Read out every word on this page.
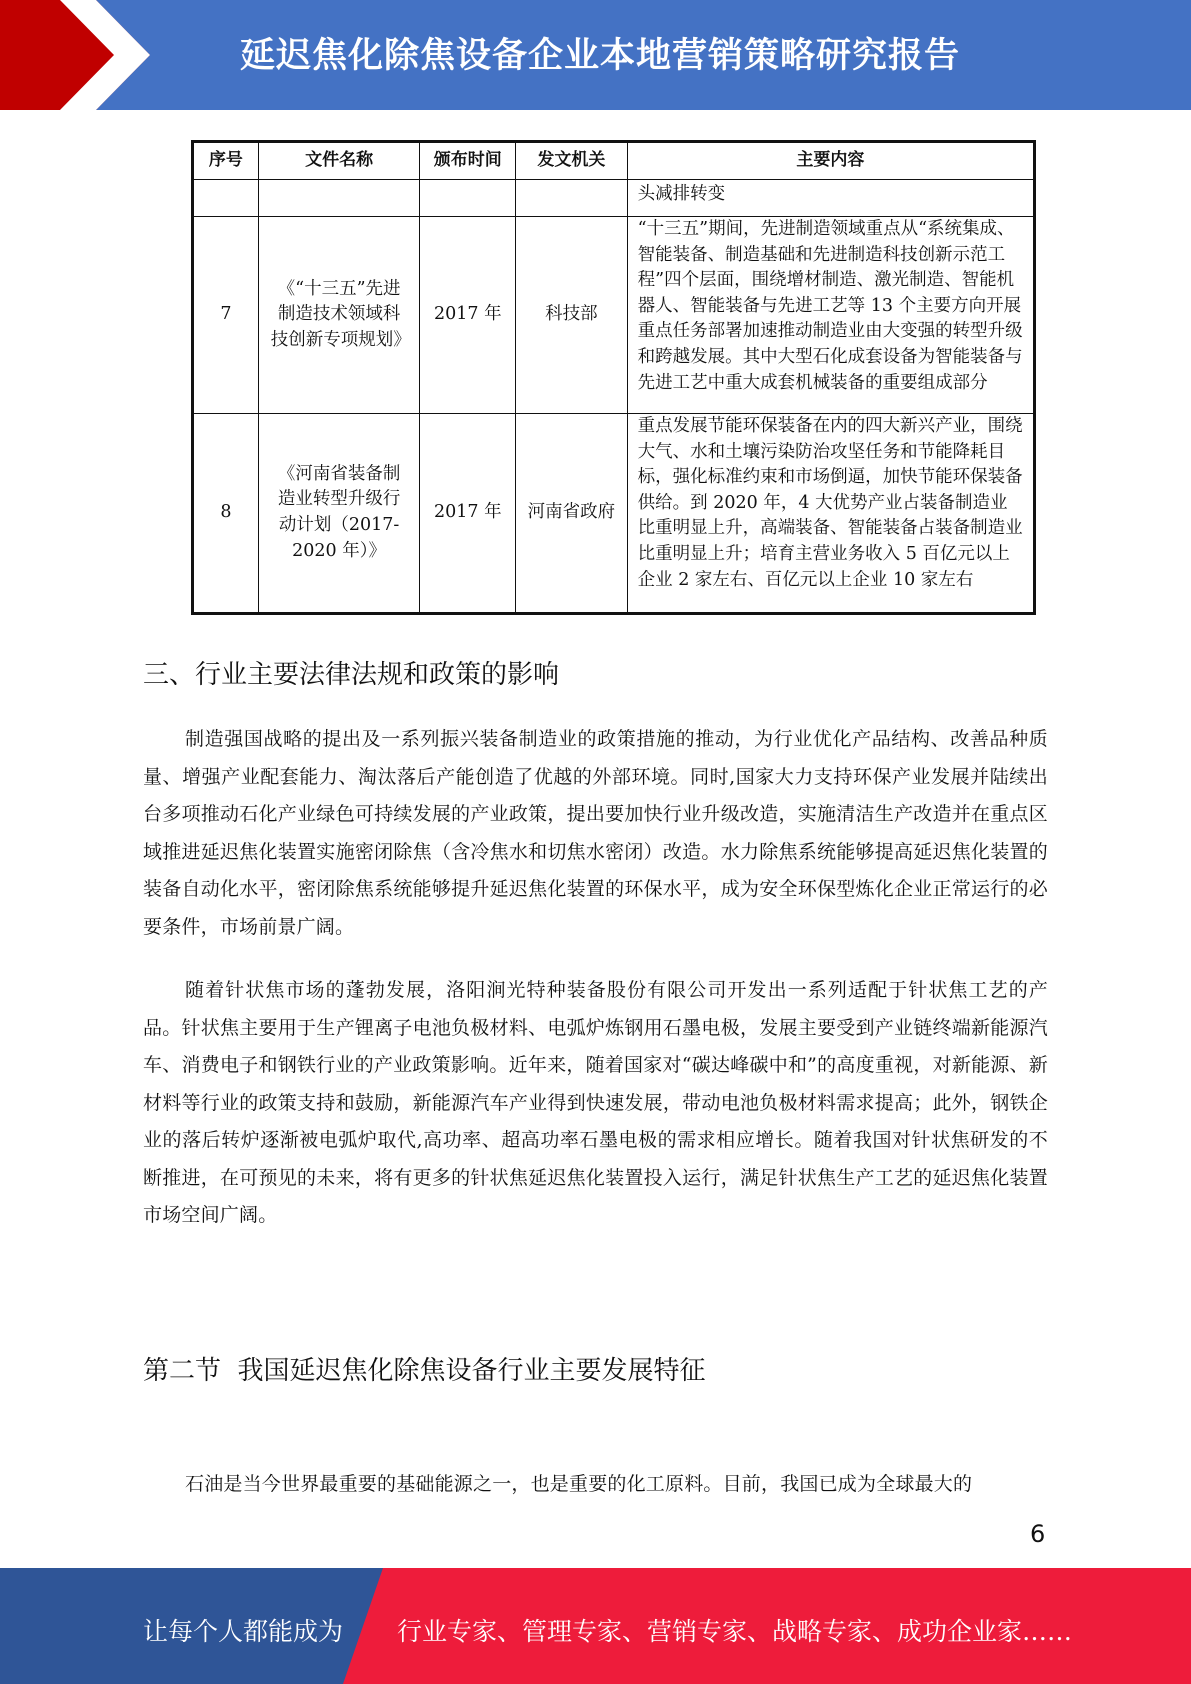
延迟焦化除焦设备企业本地营销策略研究报告
序号	文件名称	颁布时间	发文机关	主要内容
				头减排转变
7	《“十三五”先进制造技术领域科技创新专项规划》	2017 年	科技部	“十三五”期间，先进制造领域重点从“系统集成、智能装备、制造基础和先进制造科技创新示范工程”四个层面，围绕增材制造、激光制造、智能机器人、智能装备与先进工艺等 13 个主要方向开展重点任务部署加速推动制造业由大变强的转型升级和跨越发展。其中大型石化成套设备为智能装备与先进工艺中重大成套机械装备的重要组成部分
8	《河南省装备制造业转型升级行动计划（2017-2020 年）》	2017 年	河南省政府	重点发展节能环保装备在内的四大新兴产业，围绕大气、水和土壤污染防治攻坚任务和节能降耗目标，强化标准约束和市场倒逼，加快节能环保装备供给。到 2020 年，4 大优势产业占装备制造业比重明显上升，高端装备、智能装备占装备制造业比重明显上升；培育主营业务收入 5 百亿元以上企业 2 家左右、百亿元以上企业 10 家左右
三、行业主要法律法规和政策的影响

制造强国战略的提出及一系列振兴装备制造业的政策措施的推动，为行业优化产品结构、改善品种质量、增强产业配套能力、淘汰落后产能创造了优越的外部环境。同时,国家大力支持环保产业发展并陆续出台多项推动石化产业绿色可持续发展的产业政策，提出要加快行业升级改造，实施清洁生产改造并在重点区域推进延迟焦化装置实施密闭除焦（含冷焦水和切焦水密闭）改造。水力除焦系统能够提高延迟焦化装置的装备自动化水平，密闭除焦系统能够提升延迟焦化装置的环保水平，成为安全环保型炼化企业正常运行的必要条件，市场前景广阔。

随着针状焦市场的蓬勃发展，洛阳涧光特种装备股份有限公司开发出一系列适配于针状焦工艺的产品。针状焦主要用于生产锂离子电池负极材料、电弧炉炼钢用石墨电极，发展主要受到产业链终端新能源汽车、消费电子和钢铁行业的产业政策影响。近年来，随着国家对“碳达峰碳中和”的高度重视，对新能源、新材料等行业的政策支持和鼓励，新能源汽车产业得到快速发展，带动电池负极材料需求提高；此外，钢铁企业的落后转炉逐渐被电弧炉取代,高功率、超高功率石墨电极的需求相应增长。随着我国对针状焦研发的不断推进，在可预见的未来，将有更多的针状焦延迟焦化装置投入运行，满足针状焦生产工艺的延迟焦化装置市场空间广阔。

第二节  我国延迟焦化除焦设备行业主要发展特征

石油是当今世界最重要的基础能源之一，也是重要的化工原料。目前，我国已成为全球最大的

6
让每个人都能成为 行业专家、管理专家、营销专家、战略专家、成功企业家……
